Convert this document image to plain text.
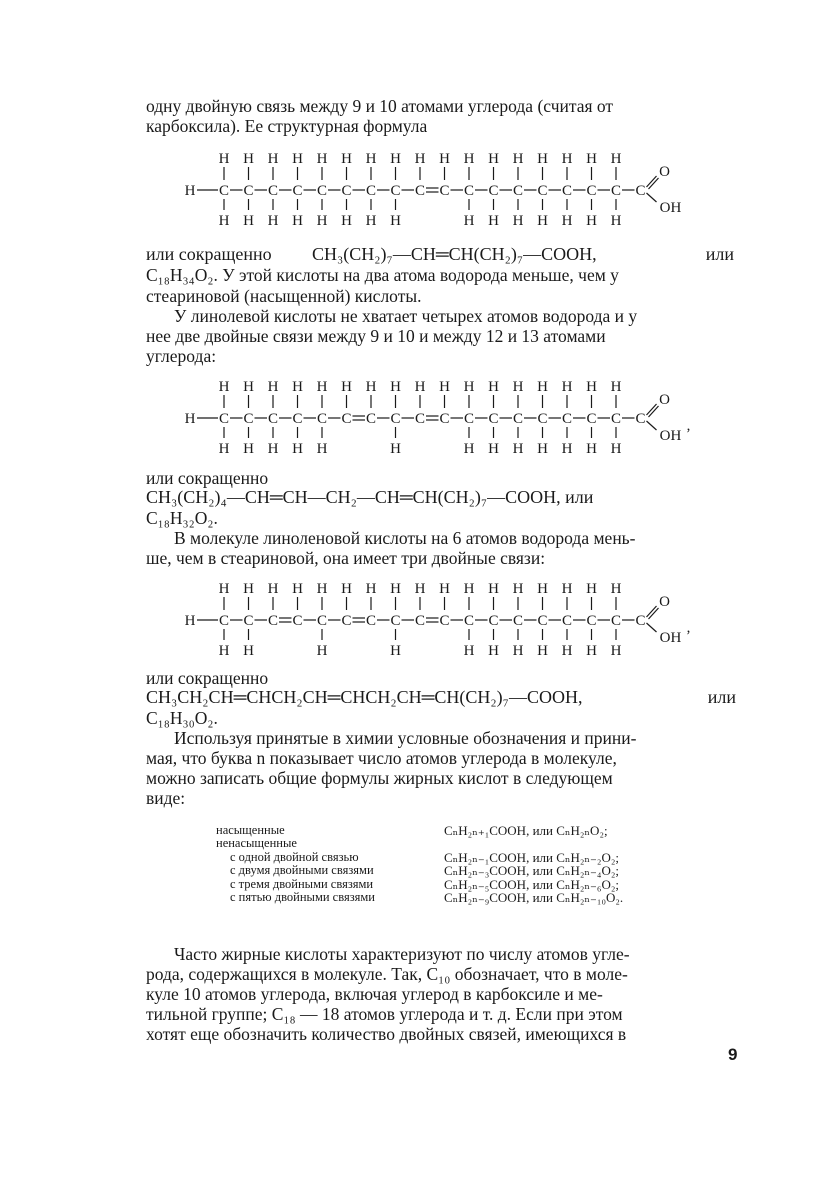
одну двойную связь между 9 и 10 атомами углерода (считая от

карбоксила). Ее структурная формула

H C
H
H
C
H
H
C
H
H
C
H
H
C
H
H
C
H
H
C
H
H
C
H
H
C
H
C
H
C
H
H
C
H
H
C
H
H
C
H
H
C
H
H
C
H
H
C
H
H
C
O
OH

или сокращенно CH₃(CH₂)₇—CH═CH(CH₂)₇—COOH,	или

C₁₈H₃₄O₂. У этой кислоты на два атома водорода меньше, чем у

стеариновой (насыщенной) кислоты.

У линолевой кислоты не хватает четырех атомов водорода и у

нее две двойные связи между 9 и 10 и между 12 и 13 атомами

углерода:

H C
H
H
C
H
H
C
H
H
C
H
H
C
H
H
C
H
C
H
C
H
H
C
H
C
H
C
H
H
C
H
H
C
H
H
C
H
H
C
H
H
C
H
H
C
H
H
C
O
OH
,

или сокращенно

CH₃(CH₂)₄—CH═CH—CH₂—CH═CH(CH₂)₇—COOH, или

C₁₈H₃₂O₂.

В молекуле линоленовой кислоты на 6 атомов водорода мень-

ше, чем в стеариновой, она имеет три двойные связи:

H C
H
H
C
H
H
C
H
C
H
C
H
H
C
H
C
H
C
H
H
C
H
C
H
C
H
H
C
H
H
C
H
H
C
H
H
C
H
H
C
H
H
C
H
H
C
O
OH
,

или сокращенно

CH₃CH₂CH═CHCH₂CH═CHCH₂CH═CH(CH₂)₇—COOH,	или

C₁₈H₃₀O₂.

Используя принятые в химии условные обозначения и прини-

мая, что буква n показывает число атомов углерода в молекуле,

можно записать общие формулы жирных кислот в следующем

виде:

насыщенные	CₙH₂ₙ₊₁COOH, или CₙH₂ₙO₂;
ненасыщенные
с одной двойной связью	CₙH₂ₙ₋₁COOH, или CₙH₂ₙ₋₂O₂;
с двумя двойными связями	CₙH₂ₙ₋₃COOH, или CₙH₂ₙ₋₄O₂;
с тремя двойными связями	CₙH₂ₙ₋₅COOH, или CₙH₂ₙ₋₆O₂;
с пятью двойными связями	CₙH₂ₙ₋₉COOH, или CₙH₂ₙ₋₁₀O₂.

Часто жирные кислоты характеризуют по числу атомов угле-

рода, содержащихся в молекуле. Так, C₁₀ обозначает, что в моле-

куле 10 атомов углерода, включая углерод в карбоксиле и ме-

тильной группе; C₁₈ — 18 атомов углерода и т. д. Если при этом

хотят еще обозначить количество двойных связей, имеющихся в

9
